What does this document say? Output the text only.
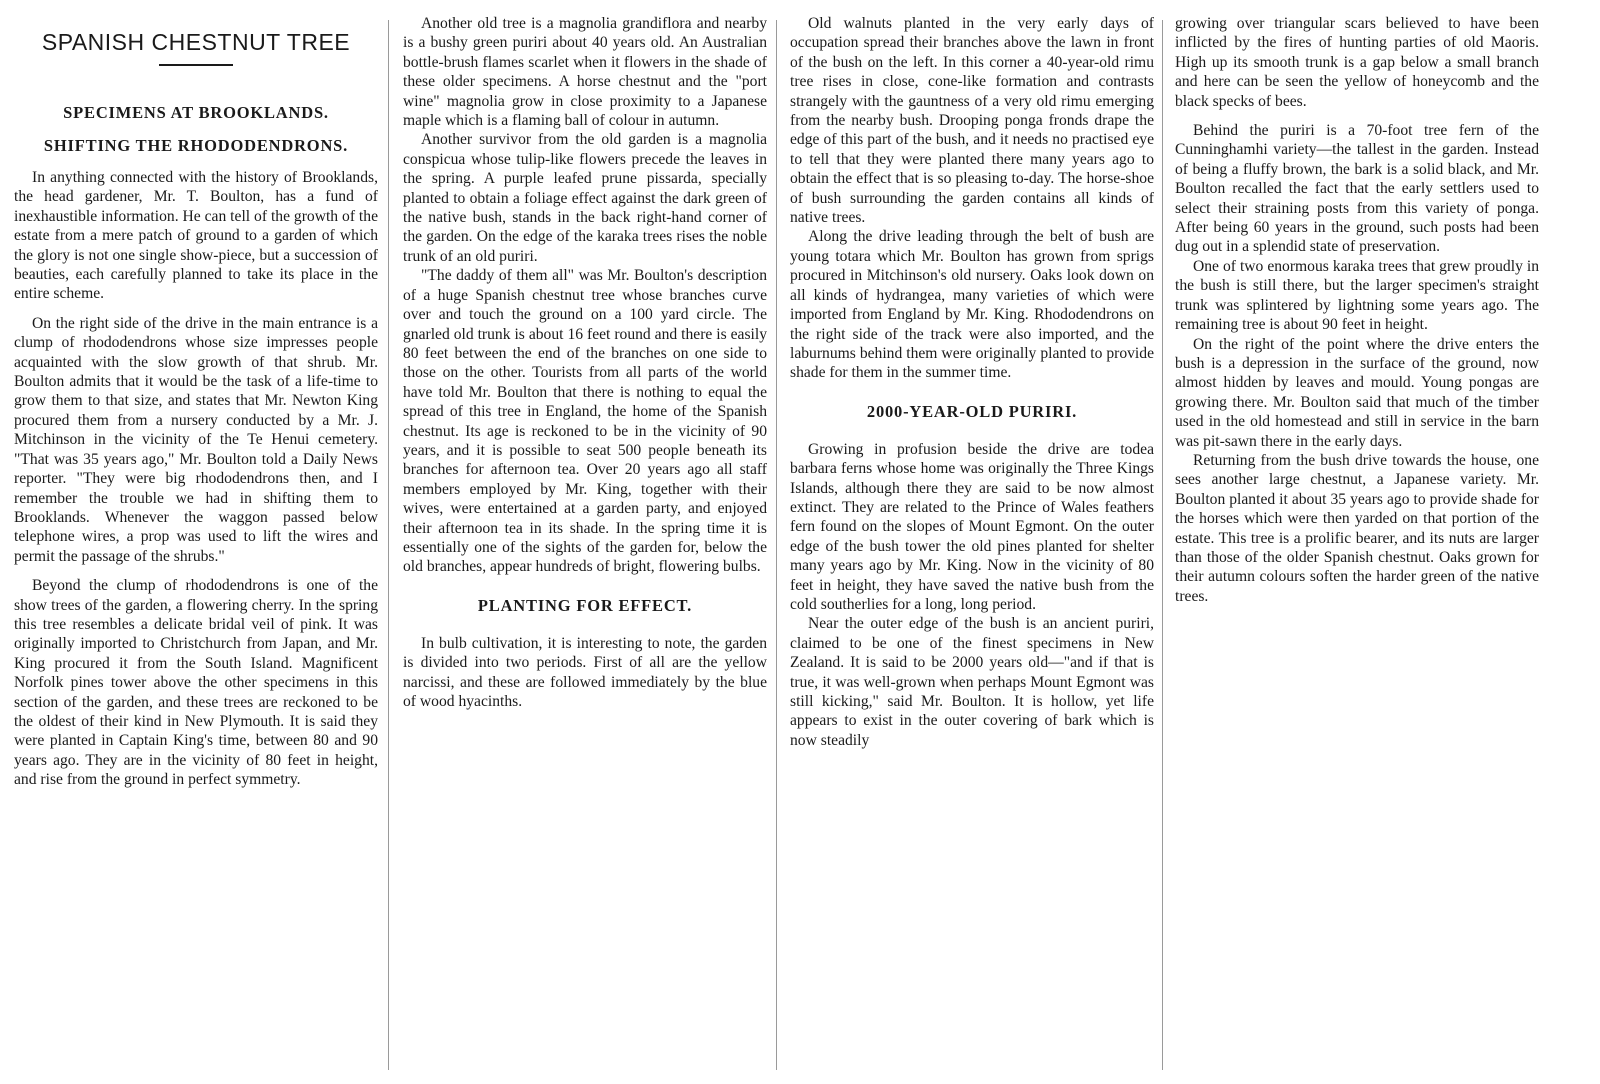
SPANISH CHESTNUT TREE
SPECIMENS AT BROOKLANDS.
SHIFTING THE RHODODENDRONS.

In anything connected with the history of Brooklands, the head gardener, Mr. T. Boulton, has a fund of inexhaustible information. He can tell of the growth of the estate from a mere patch of ground to a garden of which the glory is not one single show-piece, but a succession of beauties, each carefully planned to take its place in the entire scheme.

On the right side of the drive in the main entrance is a clump of rhododendrons whose size impresses people acquainted with the slow growth of that shrub. Mr. Boulton admits that it would be the task of a life-time to grow them to that size, and states that Mr. Newton King procured them from a nursery conducted by a Mr. J. Mitchinson in the vicinity of the Te Henui cemetery. "That was 35 years ago," Mr. Boulton told a Daily News reporter. "They were big rhododendrons then, and I remember the trouble we had in shifting them to Brooklands. Whenever the waggon passed below telephone wires, a prop was used to lift the wires and permit the passage of the shrubs."

Beyond the clump of rhododendrons is one of the show trees of the garden, a flowering cherry. In the spring this tree resembles a delicate bridal veil of pink. It was originally imported to Christchurch from Japan, and Mr. King procured it from the South Island. Magnificent Norfolk pines tower above the other specimens in this section of the garden, and these trees are reckoned to be the oldest of their kind in New Plymouth. It is said they were planted in Captain King's time, between 80 and 90 years ago. They are in the vicinity of 80 feet in height, and rise from the ground in perfect symmetry.

Another old tree is a magnolia grandiflora and nearby is a bushy green puriri about 40 years old. An Australian bottle-brush flames scarlet when it flowers in the shade of these older specimens. A horse chestnut and the "port wine" magnolia grow in close proximity to a Japanese maple which is a flaming ball of colour in autumn.

Another survivor from the old garden is a magnolia conspicua whose tulip-like flowers precede the leaves in the spring. A purple leafed prune pissarda, specially planted to obtain a foliage effect against the dark green of the native bush, stands in the back right-hand corner of the garden. On the edge of the karaka trees rises the noble trunk of an old puriri.

"The daddy of them all" was Mr. Boulton's description of a huge Spanish chestnut tree whose branches curve over and touch the ground on a 100 yard circle. The gnarled old trunk is about 16 feet round and there is easily 80 feet between the end of the branches on one side to those on the other. Tourists from all parts of the world have told Mr. Boulton that there is nothing to equal the spread of this tree in England, the home of the Spanish chestnut. Its age is reckoned to be in the vicinity of 90 years, and it is possible to seat 500 people beneath its branches for afternoon tea. Over 20 years ago all staff members employed by Mr. King, together with their wives, were entertained at a garden party, and enjoyed their afternoon tea in its shade. In the spring time it is essentially one of the sights of the garden for, below the old branches, appear hundreds of bright, flowering bulbs.

PLANTING FOR EFFECT.

In bulb cultivation, it is interesting to note, the garden is divided into two periods. First of all are the yellow narcissi, and these are followed immediately by the blue of wood hyacinths.

Old walnuts planted in the very early days of occupation spread their branches above the lawn in front of the bush on the left. In this corner a 40-year-old rimu tree rises in close, cone-like formation and contrasts strangely with the gauntness of a very old rimu emerging from the nearby bush. Drooping ponga fronds drape the edge of this part of the bush, and it needs no practised eye to tell that they were planted there many years ago to obtain the effect that is so pleasing to-day. The horse-shoe of bush surrounding the garden contains all kinds of native trees.

Along the drive leading through the belt of bush are young totara which Mr. Boulton has grown from sprigs procured in Mitchinson's old nursery. Oaks look down on all kinds of hydrangea, many varieties of which were imported from England by Mr. King. Rhododendrons on the right side of the track were also imported, and the laburnums behind them were originally planted to provide shade for them in the summer time.

2000-YEAR-OLD PURIRI.

Growing in profusion beside the drive are todea barbara ferns whose home was originally the Three Kings Islands, although there they are said to be now almost extinct. They are related to the Prince of Wales feathers fern found on the slopes of Mount Egmont. On the outer edge of the bush tower the old pines planted for shelter many years ago by Mr. King. Now in the vicinity of 80 feet in height, they have saved the native bush from the cold southerlies for a long, long period.

Near the outer edge of the bush is an ancient puriri, claimed to be one of the finest specimens in New Zealand. It is said to be 2000 years old—"and if that is true, it was well-grown when perhaps Mount Egmont was still kicking," said Mr. Boulton. It is hollow, yet life appears to exist in the outer covering of bark which is now steadily

growing over triangular scars believed to have been inflicted by the fires of hunting parties of old Maoris. High up its smooth trunk is a gap below a small branch and here can be seen the yellow of honeycomb and the black specks of bees.

Behind the puriri is a 70-foot tree fern of the Cunninghamhi variety—the tallest in the garden. Instead of being a fluffy brown, the bark is a solid black, and Mr. Boulton recalled the fact that the early settlers used to select their straining posts from this variety of ponga. After being 60 years in the ground, such posts had been dug out in a splendid state of preservation.

One of two enormous karaka trees that grew proudly in the bush is still there, but the larger specimen's straight trunk was splintered by lightning some years ago. The remaining tree is about 90 feet in height.

On the right of the point where the drive enters the bush is a depression in the surface of the ground, now almost hidden by leaves and mould. Young pongas are growing there. Mr. Boulton said that much of the timber used in the old homestead and still in service in the barn was pit-sawn there in the early days.

Returning from the bush drive towards the house, one sees another large chestnut, a Japanese variety. Mr. Boulton planted it about 35 years ago to provide shade for the horses which were then yarded on that portion of the estate. This tree is a prolific bearer, and its nuts are larger than those of the older Spanish chestnut. Oaks grown for their autumn colours soften the harder green of the native trees.
